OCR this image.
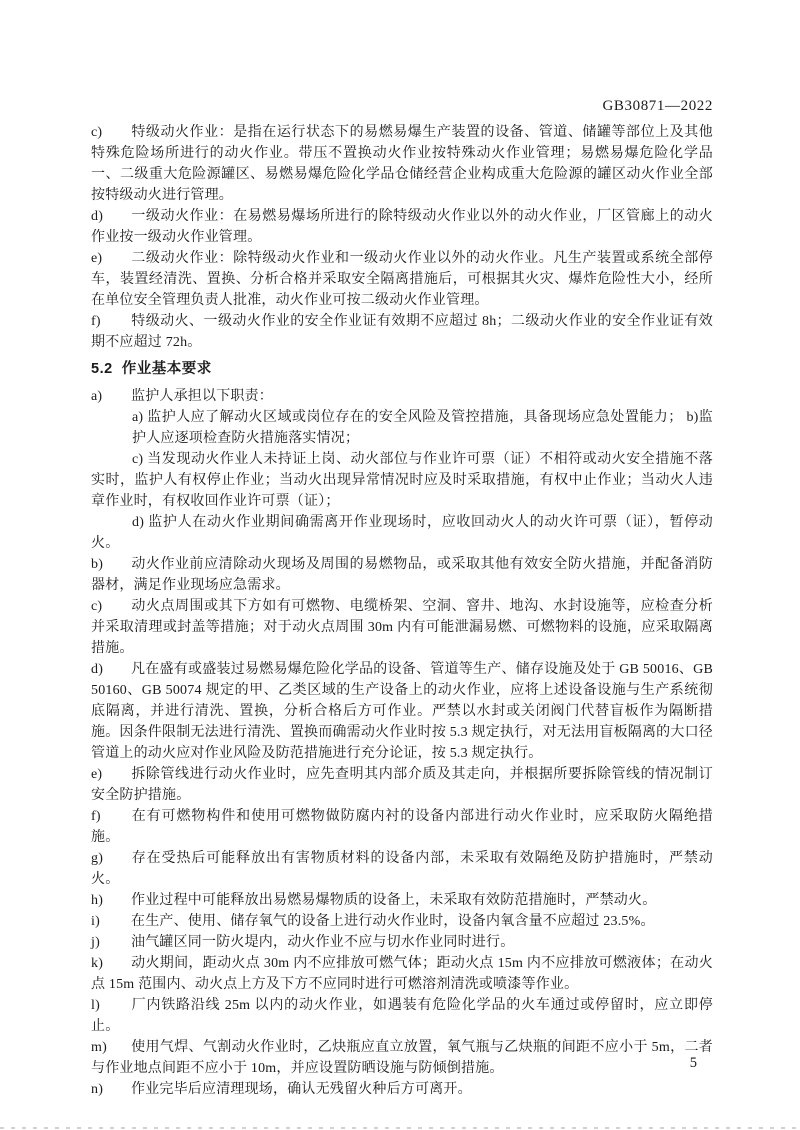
GB30871—2022

c) 特级动火作业：是指在运行状态下的易燃易爆生产装置的设备、管道、储罐等部位上及其他特殊危险场所进行的动火作业。带压不置换动火作业按特殊动火作业管理；易燃易爆危险化学品一、二级重大危险源罐区、易燃易爆危险化学品仓储经营企业构成重大危险源的罐区动火作业全部按特级动火进行管理。

d) 一级动火作业：在易燃易爆场所进行的除特级动火作业以外的动火作业，厂区管廊上的动火作业按一级动火作业管理。

e) 二级动火作业：除特级动火作业和一级动火作业以外的动火作业。凡生产装置或系统全部停车，装置经清洗、置换、分析合格并采取安全隔离措施后，可根据其火灾、爆炸危险性大小，经所在单位安全管理负责人批准，动火作业可按二级动火作业管理。

f) 特级动火、一级动火作业的安全作业证有效期不应超过 8h；二级动火作业的安全作业证有效期不应超过 72h。

5.2  作业基本要求

a) 监护人承担以下职责：

a) 监护人应了解动火区域或岗位存在的安全风险及管控措施，具备现场应急处置能力； b)监护人应逐项检查防火措施落实情况；

c) 当发现动火作业人未持证上岗、动火部位与作业许可票（证）不相符或动火安全措施不落实时，监护人有权停止作业；当动火出现异常情况时应及时采取措施，有权中止作业；当动火人违章作业时，有权收回作业许可票（证）；

d) 监护人在动火作业期间确需离开作业现场时，应收回动火人的动火许可票（证），暂停动火。

b) 动火作业前应清除动火现场及周围的易燃物品，或采取其他有效安全防火措施，并配备消防器材，满足作业现场应急需求。

c) 动火点周围或其下方如有可燃物、电缆桥架、空洞、窨井、地沟、水封设施等，应检查分析并采取清理或封盖等措施；对于动火点周围 30m 内有可能泄漏易燃、可燃物料的设施，应采取隔离措施。

d) 凡在盛有或盛装过易燃易爆危险化学品的设备、管道等生产、储存设施及处于 GB 50016、GB 50160、GB 50074 规定的甲、乙类区域的生产设备上的动火作业，应将上述设备设施与生产系统彻底隔离，并进行清洗、置换，分析合格后方可作业。严禁以水封或关闭阀门代替盲板作为隔断措施。因条件限制无法进行清洗、置换而确需动火作业时按 5.3 规定执行，对无法用盲板隔离的大口径管道上的动火应对作业风险及防范措施进行充分论证，按 5.3 规定执行。

e) 拆除管线进行动火作业时，应先查明其内部介质及其走向，并根据所要拆除管线的情况制订安全防护措施。

f) 在有可燃物构件和使用可燃物做防腐内衬的设备内部进行动火作业时，应采取防火隔绝措施。

g) 存在受热后可能释放出有害物质材料的设备内部，未采取有效隔绝及防护措施时，严禁动火。

h) 作业过程中可能释放出易燃易爆物质的设备上，未采取有效防范措施时，严禁动火。

i) 在生产、使用、储存氧气的设备上进行动火作业时，设备内氧含量不应超过 23.5%。

j) 油气罐区同一防火堤内，动火作业不应与切水作业同时进行。

k) 动火期间，距动火点 30m 内不应排放可燃气体；距动火点 15m 内不应排放可燃液体；在动火点 15m 范围内、动火点上方及下方不应同时进行可燃溶剂清洗或喷漆等作业。

l) 厂内铁路沿线 25m 以内的动火作业，如遇装有危险化学品的火车通过或停留时，应立即停止。

m) 使用气焊、气割动火作业时，乙炔瓶应直立放置，氧气瓶与乙炔瓶的间距不应小于 5m，二者与作业地点间距不应小于 10m，并应设置防晒设施与防倾倒措施。

n) 作业完毕后应清理现场，确认无残留火种后方可离开。

5
